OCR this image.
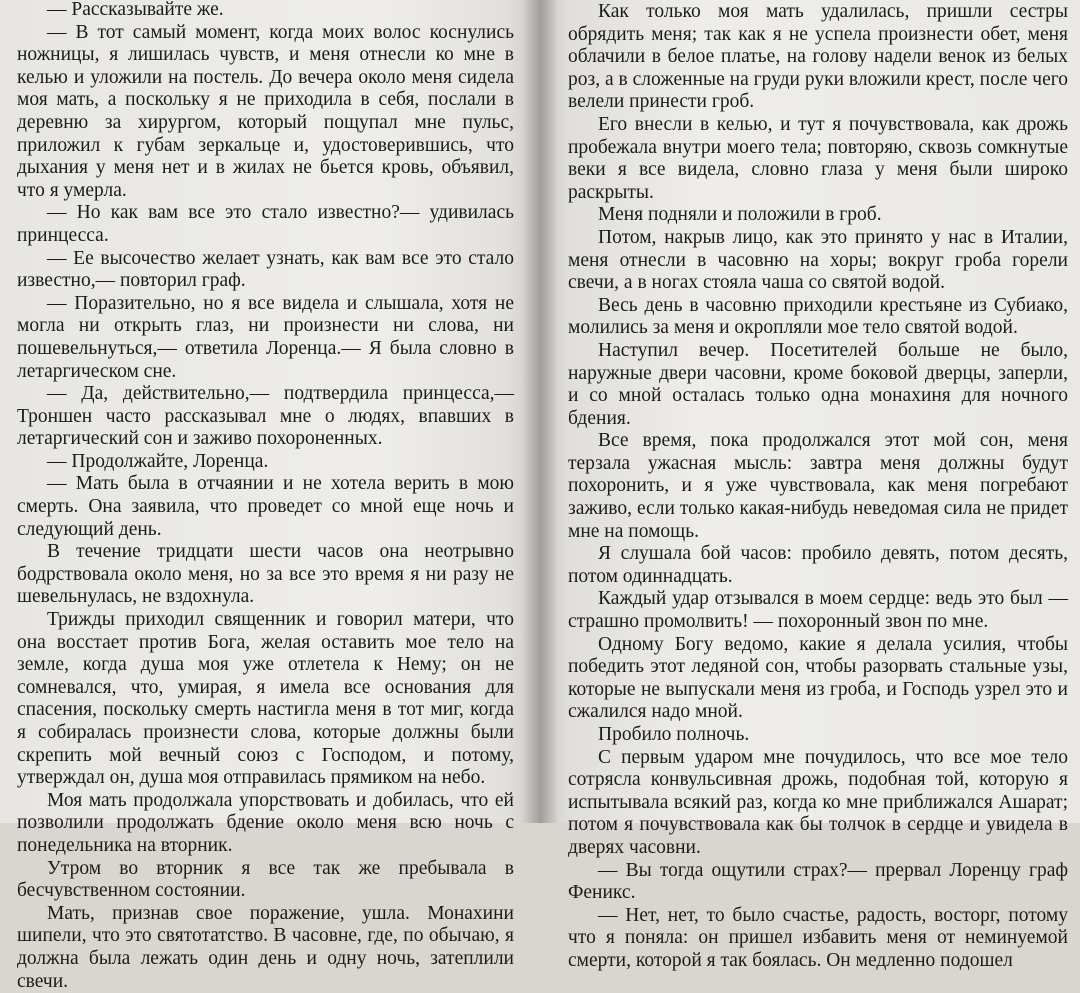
— Рассказывайте же.

— В тот самый момент, когда моих волос коснулись ножницы, я лишилась чувств, и меня отнесли ко мне в келью и уложили на постель. До вечера около меня сидела моя мать, а поскольку я не приходила в себя, послали в деревню за хирургом, который пощупал мне пульс, приложил к губам зеркальце и, удостоверившись, что дыхания у меня нет и в жилах не бьется кровь, объявил, что я умерла.

— Но как вам все это стало известно?— удивилась принцесса.

— Ее высочество желает узнать, как вам все это стало известно,— повторил граф.

— Поразительно, но я все видела и слышала, хотя не могла ни открыть глаз, ни произнести ни слова, ни пошевельнуться,— ответила Лоренца.— Я была словно в летаргическом сне.

— Да, действительно,— подтвердила принцесса,— Троншен часто рассказывал мне о людях, впавших в летаргический сон и заживо похороненных.

— Продолжайте, Лоренца.

— Мать была в отчаянии и не хотела верить в мою смерть. Она заявила, что проведет со мной еще ночь и следующий день.

В течение тридцати шести часов она неотрывно бодрствовала около меня, но за все это время я ни разу не шевельнулась, не вздохнула.

Трижды приходил священник и говорил матери, что она восстает против Бога, желая оставить мое тело на земле, когда душа моя уже отлетела к Нему; он не сомневался, что, умирая, я имела все основания для спасения, поскольку смерть настигла меня в тот миг, когда я собиралась произнести слова, которые должны были скрепить мой вечный союз с Господом, и потому, утверждал он, душа моя отправилась прямиком на небо.

Моя мать продолжала упорствовать и добилась, что ей позволили продолжать бдение около меня всю ночь с понедельника на вторник.

Утром во вторник я все так же пребывала в бесчувственном состоянии.

Мать, признав свое поражение, ушла. Монахини шипели, что это святотатство. В часовне, где, по обычаю, я должна была лежать один день и одну ночь, затеплили свечи.

Как только моя мать удалилась, пришли сестры обрядить меня; так как я не успела произнести обет, меня облачили в белое платье, на голову надели венок из белых роз, а в сложенные на груди руки вложили крест, после чего велели принести гроб.

Его внесли в келью, и тут я почувствовала, как дрожь пробежала внутри моего тела; повторяю, сквозь сомкнутые веки я все видела, словно глаза у меня были широко раскрыты.

Меня подняли и положили в гроб.

Потом, накрыв лицо, как это принято у нас в Италии, меня отнесли в часовню на хоры; вокруг гроба горели свечи, а в ногах стояла чаша со святой водой.

Весь день в часовню приходили крестьяне из Субиако, молились за меня и окропляли мое тело святой водой.

Наступил вечер. Посетителей больше не было, наружные двери часовни, кроме боковой дверцы, заперли, и со мной осталась только одна монахиня для ночного бдения.

Все время, пока продолжался этот мой сон, меня терзала ужасная мысль: завтра меня должны будут похоронить, и я уже чувствовала, как меня погребают заживо, если только какая-нибудь неведомая сила не придет мне на помощь.

Я слушала бой часов: пробило девять, потом десять, потом одиннадцать.

Каждый удар отзывался в моем сердце: ведь это был — страшно промолвить! — похоронный звон по мне.

Одному Богу ведомо, какие я делала усилия, чтобы победить этот ледяной сон, чтобы разорвать стальные узы, которые не выпускали меня из гроба, и Господь узрел это и сжалился надо мной.

Пробило полночь.

С первым ударом мне почудилось, что все мое тело сотрясла конвульсивная дрожь, подобная той, которую я испытывала всякий раз, когда ко мне приближался Ашарат; потом я почувствовала как бы толчок в сердце и увидела в дверях часовни.

— Вы тогда ощутили страх?— прервал Лоренцу граф Феникс.

— Нет, нет, то было счастье, радость, восторг, потому что я поняла: он пришел избавить меня от неминуемой смерти, которой я так боялась. Он медленно подошел
